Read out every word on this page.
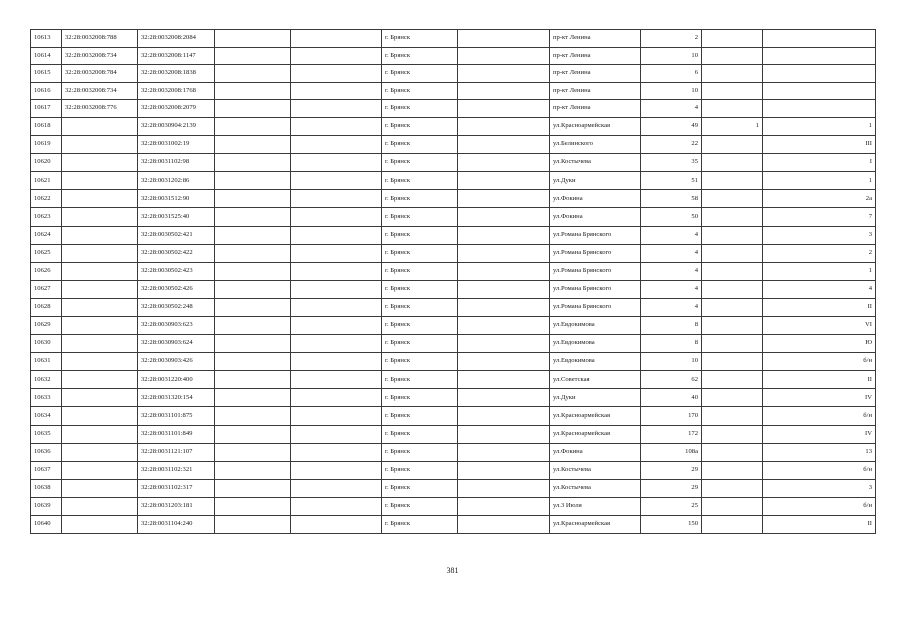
10613	32:28:0032008:788	32:28:0032008:2084			г. Брянск		пр-кт Ленина	2		
10614	32:28:0032008:734	32:28:0032008:1147			г. Брянск		пр-кт Ленина	10		
10615	32:28:0032008:784	32:28:0032008:1838			г. Брянск		пр-кт Ленина	6		
10616	32:28:0032008:734	32:28:0032008:1768			г. Брянск		пр-кт Ленина	10		
10617	32:28:0032008:776	32:28:0032008:2079			г. Брянск		пр-кт Ленина	4		
10618		32:28:0030904:2139			г. Брянск		ул.Красноармейская	49	1	1
10619		32:28:0031002:19			г. Брянск		ул.Белинского	22		III
10620		32:28:0031102:98			г. Брянск		ул.Костычева	35		I
10621		32:28:0031202:86			г. Брянск		ул.Дуки	51		1
10622		32:28:0031512:90			г. Брянск		ул.Фокина	58		2а
10623		32:28:0031525:40			г. Брянск		ул.Фокина	50		7
10624		32:28:0030502:421			г. Брянск		ул.Романа Брянского	4		3
10625		32:28:0030502:422			г. Брянск		ул.Романа Брянского	4		2
10626		32:28:0030502:423			г. Брянск		ул.Романа Брянского	4		1
10627		32:28:0030502:426			г. Брянск		ул.Романа Брянского	4		4
10628		32:28:0030502:248			г. Брянск		ул.Романа Брянского	4		II
10629		32:28:0030903:623			г. Брянск		ул.Евдокимова	8		VI
10630		32:28:0030903:624			г. Брянск		ул.Евдокимова	8		Ю
10631		32:28:0030903:426			г. Брянск		ул.Евдокимова	10		б/н
10632		32:28:0031220:400			г. Брянск		ул.Советская	62		II
10633		32:28:0031320:154			г. Брянск		ул.Дуки	40		IV
10634		32:28:0031101:875			г. Брянск		ул.Красноармейская	170		б/н
10635		32:28:0031101:849			г. Брянск		ул.Красноармейская	172		IV
10636		32:28:0031121:107			г. Брянск		ул.Фокина	108а		13
10637		32:28:0031102:321			г. Брянск		ул.Костычева	29		б/н
10638		32:28:0031102:317			г. Брянск		ул.Костычева	29		3
10639		32:28:0031203:181			г. Брянск		ул.3 Июля	25		б/н
10640		32:28:0031104:240			г. Брянск		ул.Красноармейская	150		II
381
